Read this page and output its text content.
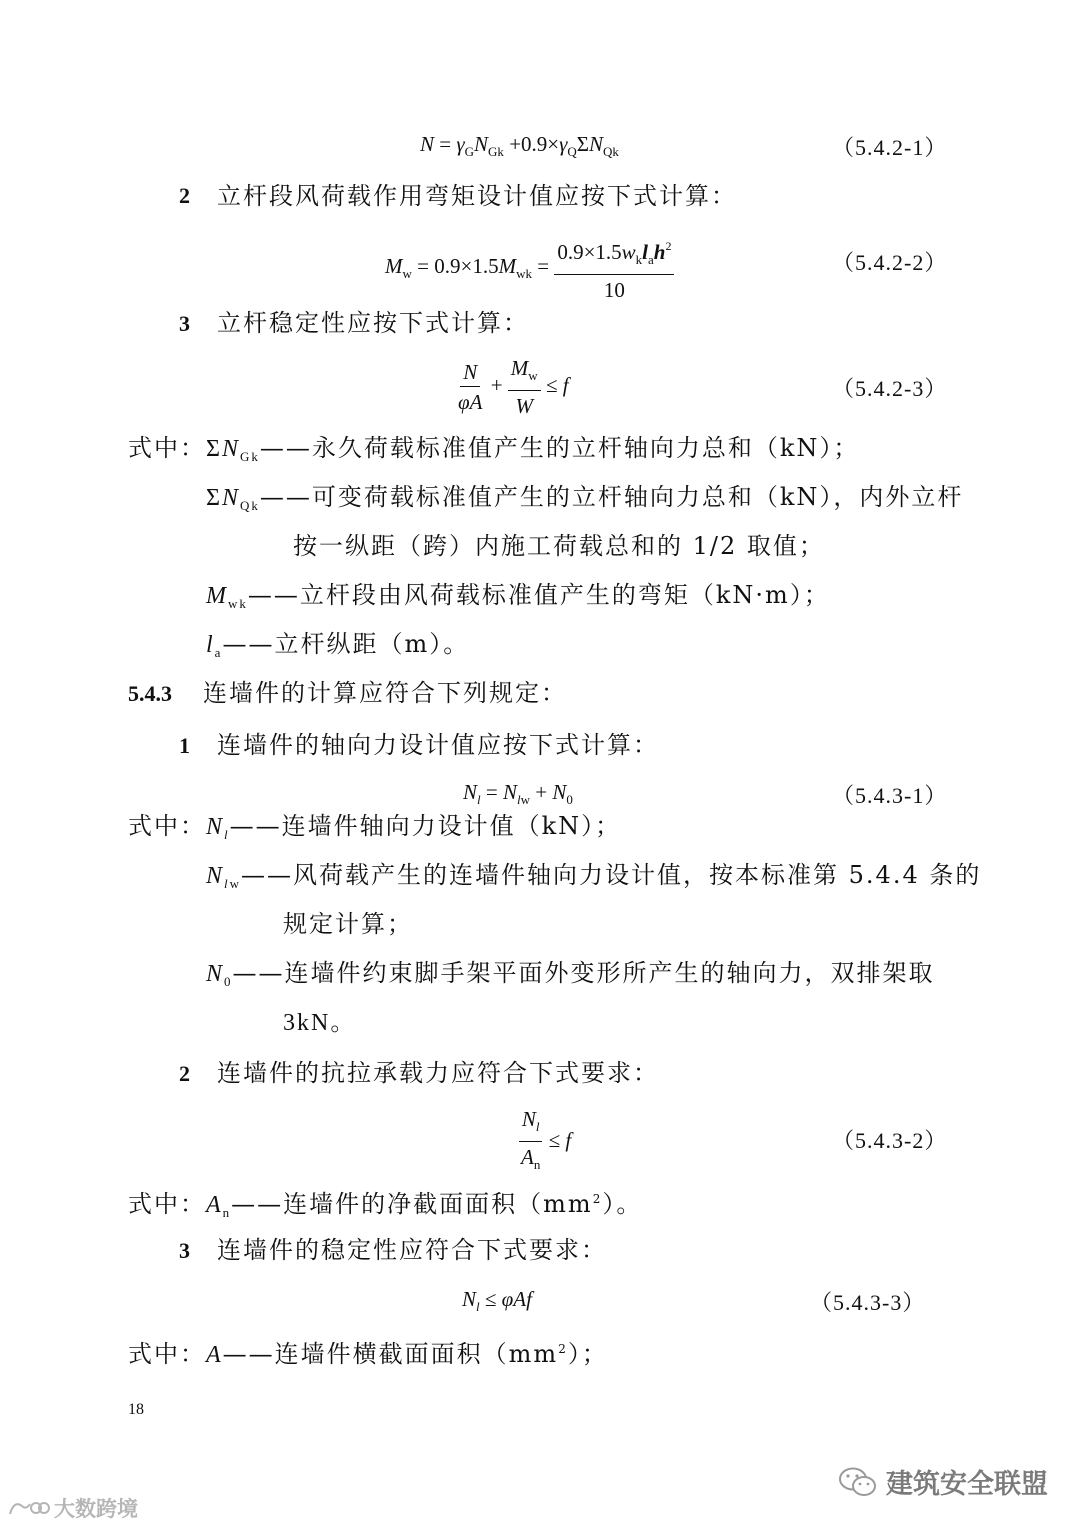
$N = \gamma_GN_{Gk} +0.9\times\gamma_Q\Sigma N_{Qk}$	（5.4.2-1）
2 立杆段风荷载作用弯矩设计值应按下式计算：
$M_w = 0.9\times 1.5M_{wk} = \frac{0.9\times 1.5w_kl_ah^2}{10}$	（5.4.2-2）
3 立杆稳定性应按下式计算：
$\frac{N}{\varphi A} + \frac{M_w}{W} \le f$	（5.4.2-3）
式中：$\Sigma N_{Gk}——$永久荷载标准值产生的立杆轴向力总和（kN）；
$\Sigma N_{Qk}——$可变荷载标准值产生的立杆轴向力总和（kN），内外立杆
按一纵距（跨）内施工荷载总和的 1/2 取值；
$M_{wk}——$立杆段由风荷载标准值产生的弯矩（kN·m）；
$l_a——$立杆纵距（m）。
5.4.3 连墙件的计算应符合下列规定：
1 连墙件的轴向力设计值应按下式计算：
$N_l = N_{lw} + N_0$	（5.4.3-1）
式中：$N_l——$连墙件轴向力设计值（kN）；
$N_{lw}——$风荷载产生的连墙件轴向力设计值，按本标准第 5.4.4 条的
规定计算；
$N_0——$连墙件约束脚手架平面外变形所产生的轴向力，双排架取
3kN。
2 连墙件的抗拉承载力应符合下式要求：
$\frac{N_l}{A_n} \le f$	（5.4.3-2）
式中：$A_n——$连墙件的净截面面积$(mm^2)$。
3 连墙件的稳定性应符合下式要求：
$N_l \le \varphi Af$	（5.4.3-3）
式中：A——连墙件横截面面积$(mm^2)$；
18
建筑安全联盟
大数跨境
